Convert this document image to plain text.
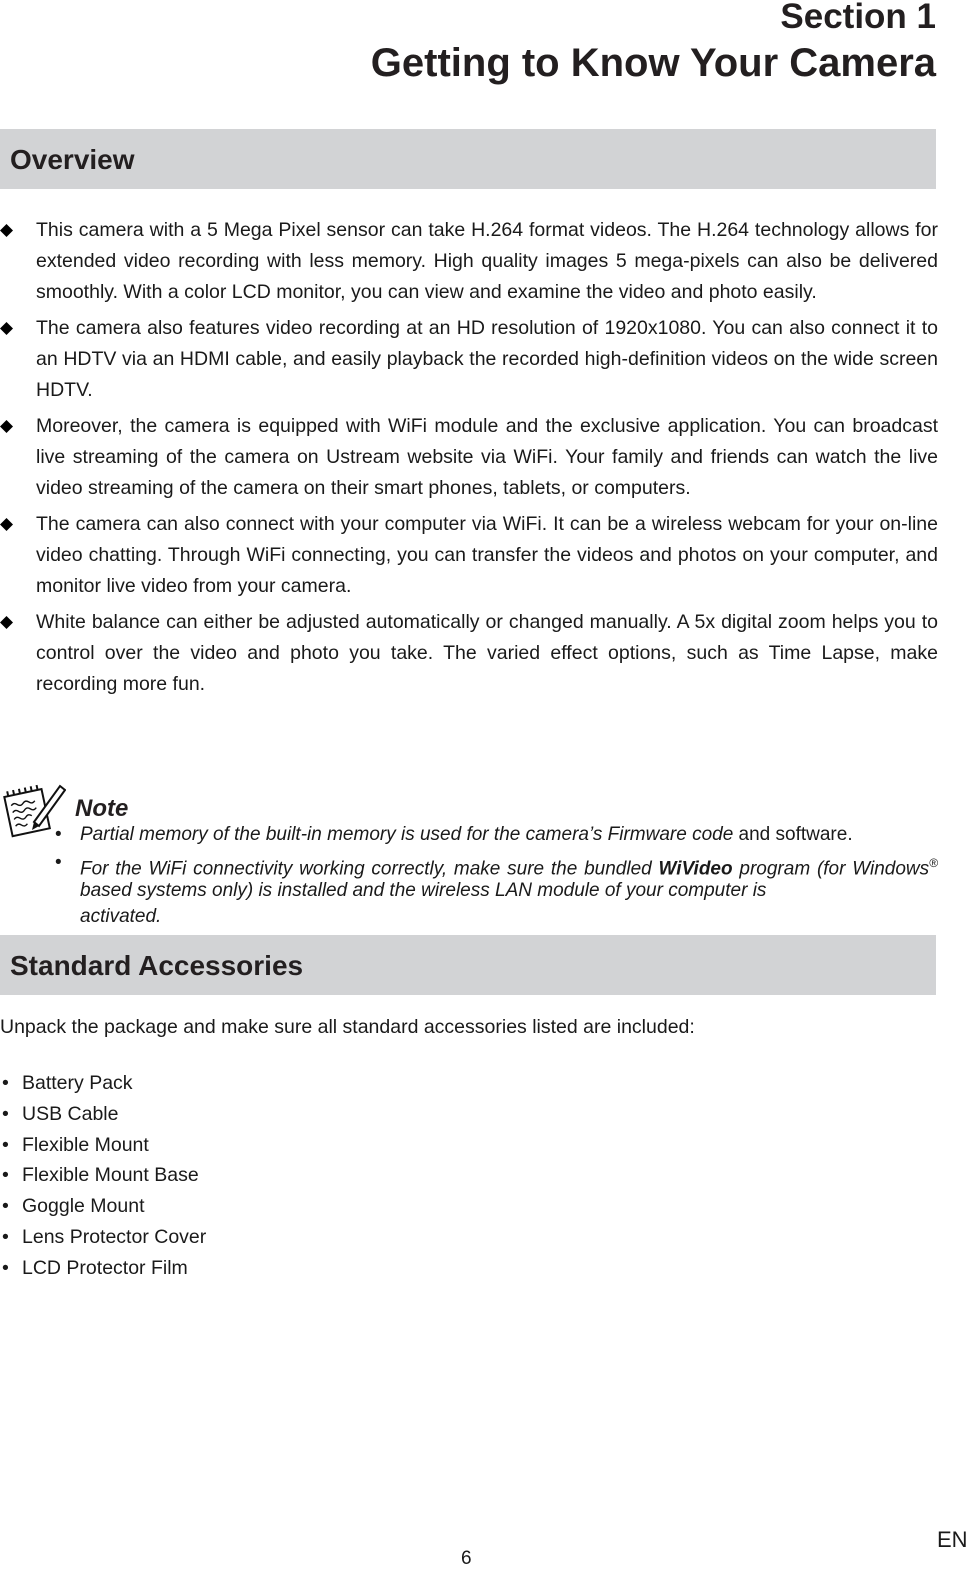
Section 1
Getting to Know Your Camera
Overview
This camera with a 5 Mega Pixel sensor can take H.264 format videos. The H.264 technology allows for extended video recording with less memory. High quality images 5 mega-pixels can also be delivered smoothly. With a color LCD monitor, you can view and examine the video and photo easily.
The camera also features video recording at an HD resolution of 1920x1080. You can also connect it to an HDTV via an HDMI cable, and easily playback the recorded high-definition videos on the wide screen HDTV.
Moreover, the camera is equipped with WiFi module and the exclusive application. You can broadcast live streaming of the camera on Ustream website via WiFi. Your family and friends can watch the live video streaming of the camera on their smart phones, tablets, or computers.
The camera can also connect with your computer via WiFi. It can be a wireless webcam for your on-line video chatting. Through WiFi connecting, you can transfer the videos and photos on your computer, and monitor live video from your camera.
White balance can either be adjusted automatically or changed manually. A 5x digital zoom helps you to control over the video and photo you take. The varied effect options, such as Time Lapse, make recording more fun.
Note
• Partial memory of the built-in memory is used for the camera’s Firmware code and software.
• For the WiFi connectivity working correctly, make sure the bundled WiVideo program (for Windows® based systems only) is installed and the wireless LAN module of your computer is
activated.
Standard Accessories
Unpack the package and make sure all standard accessories listed are included:
• Battery Pack
• USB Cable
• Flexible Mount
• Flexible Mount Base
• Goggle Mount
• Lens Protector Cover
• LCD Protector Film
6
EN
